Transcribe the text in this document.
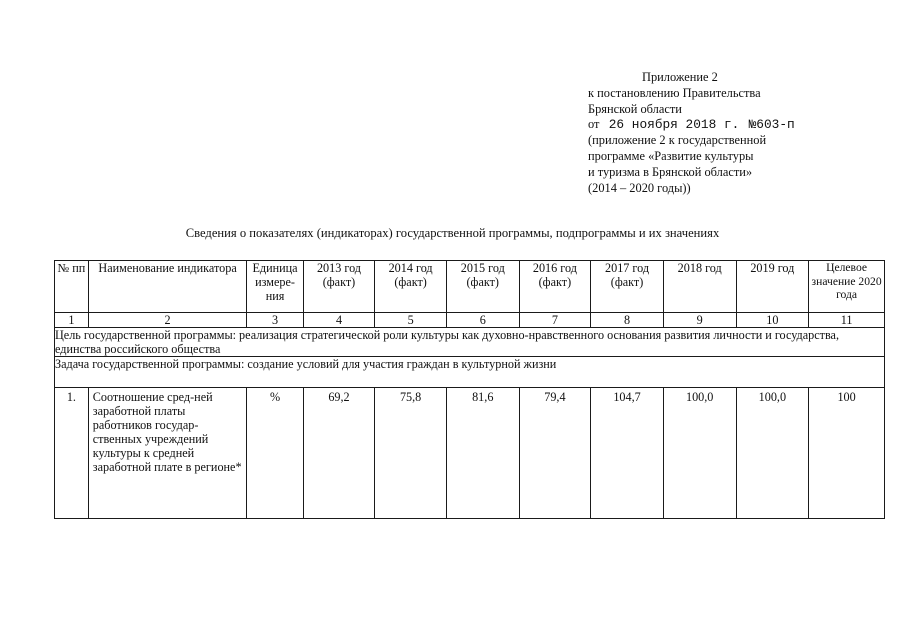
Приложение 2
к постановлению Правительства
Брянской области
от 26 ноября 2018 г. №603-п
(приложение 2 к государственной
программе «Развитие культуры
и туризма в Брянской области»
(2014 – 2020 годы))
Сведения о показателях (индикаторах) государственной программы, подпрограммы и их значениях
№ пп	Наименование индикатора	Единица измере-ния	2013 год (факт)	2014 год (факт)	2015 год (факт)	2016 год (факт)	2017 год (факт)	2018 год	2019 год	Целевое значение 2020 года
1	2	3	4	5	6	7	8	9	10	11
Цель государственной программы: реализация стратегической роли культуры как духовно-нравственного основания развития личности и государства, единства российского общества										
Задача государственной программы: создание условий для участия граждан в культурной жизни										
1.	Соотношение сред-ней заработной платы работников государ-ственных учреждений культуры к средней заработной плате в регионе*	%	69,2	75,8	81,6	79,4	104,7	100,0	100,0	100
